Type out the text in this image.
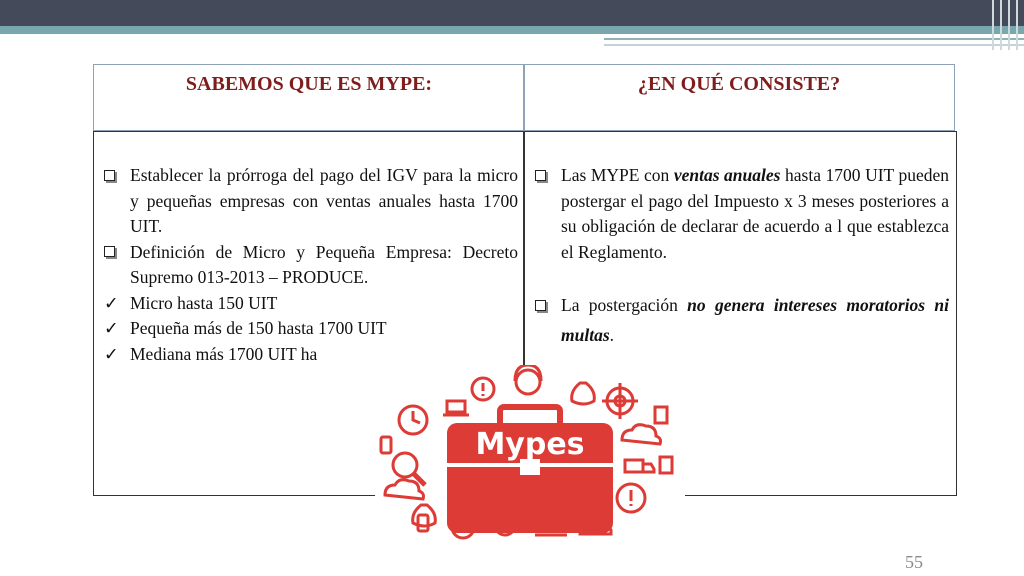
SABEMOS QUE ES MYPE:	¿EN QUÉ CONSISTE?
Establecer la prórroga del pago del IGV para la micro y pequeñas empresas con ventas anuales hasta 1700 UIT.
Definición de Micro y Pequeña Empresa: Decreto Supremo 013-2013 – PRODUCE.
✓ Micro hasta 150 UIT
✓ Pequeña más de 150 hasta 1700 UIT
✓ Mediana más 1700 UIT ha
Las MYPE con ventas anuales hasta 1700 UIT pueden postergar el pago del Impuesto x 3 meses posteriores a su obligación de declarar de acuerdo a l que establezca el Reglamento.
La postergación no genera intereses moratorios ni multas.
Mypes
55
